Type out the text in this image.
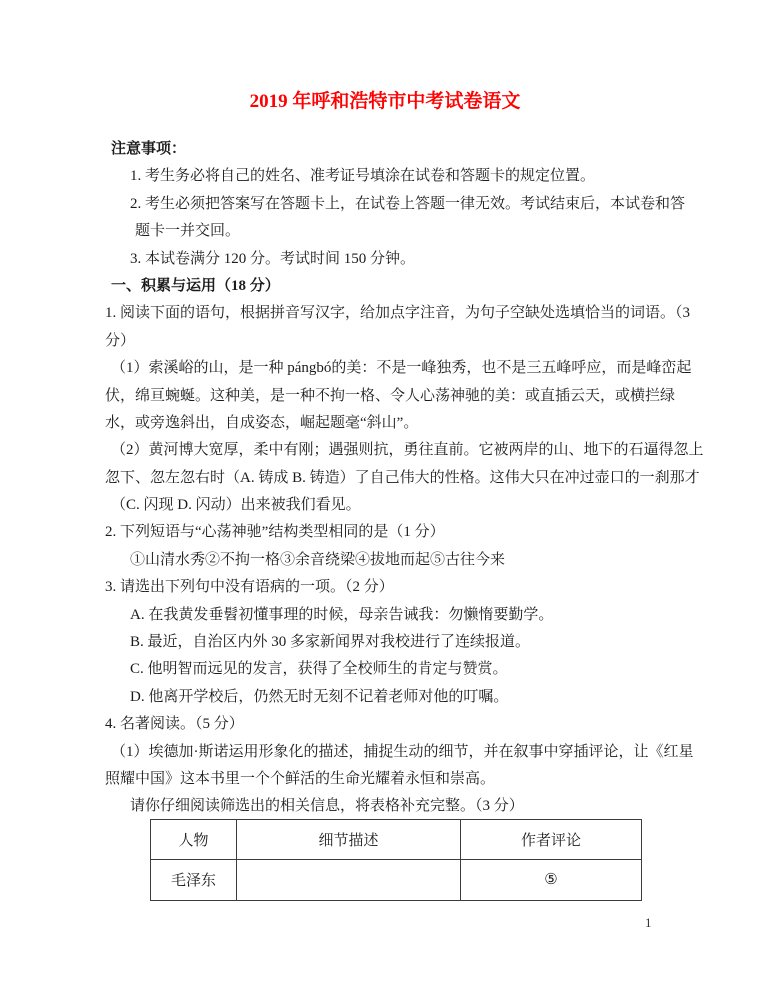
2019 年呼和浩特市中考试卷语文
注意事项：
1. 考生务必将自己的姓名、准考证号填涂在试卷和答题卡的规定位置。
2. 考生必须把答案写在答题卡上，在试卷上答题一律无效。考试结束后，本试卷和答
题卡一并交回。
3. 本试卷满分 120 分。考试时间 150 分钟。
一、积累与运用（18 分）
1. 阅读下面的语句，根据拼音写汉字，给加点字注音，为句子空缺处选填恰当的词语。（3
分）
（1）索溪峪的山，是一种 pángbó的美：不是一峰独秀，也不是三五峰呼应，而是峰峦起
伏，绵亘蜿蜒。这种美，是一种不拘一格、令人心荡神驰的美：或直插云天，或横拦绿
水，或旁逸斜出，自成姿态，崛起题毫“斜山”。
（2）黄河博大宽厚，柔中有刚；遇强则抗，勇往直前。它被两岸的山、地下的石逼得忽上
忽下、忽左忽右时（A. 铸成 B. 铸造）了自己伟大的性格。这伟大只在冲过壶口的一刹那才
（C. 闪现 D. 闪动）出来被我们看见。
2. 下列短语与“心荡神驰”结构类型相同的是（1 分）
①山清水秀②不拘一格③余音绕梁④拔地而起⑤古往今来
3. 请选出下列句中没有语病的一项。（2 分）
A. 在我黄发垂髫初懂事理的时候，母亲告诫我：勿懒惰要勤学。
B. 最近，自治区内外 30 多家新闻界对我校进行了连续报道。
C. 他明智而远见的发言，获得了全校师生的肯定与赞赏。
D. 他离开学校后，仍然无时无刻不记着老师对他的叮嘱。
4. 名著阅读。（5 分）
（1）埃德加·斯诺运用形象化的描述，捕捉生动的细节，并在叙事中穿插评论，让《红星
照耀中国》这本书里一个个鲜活的生命光耀着永恒和崇高。
请你仔细阅读筛选出的相关信息，将表格补充完整。（3 分）
人物	细节描述	作者评论
毛泽东		⑤
1
